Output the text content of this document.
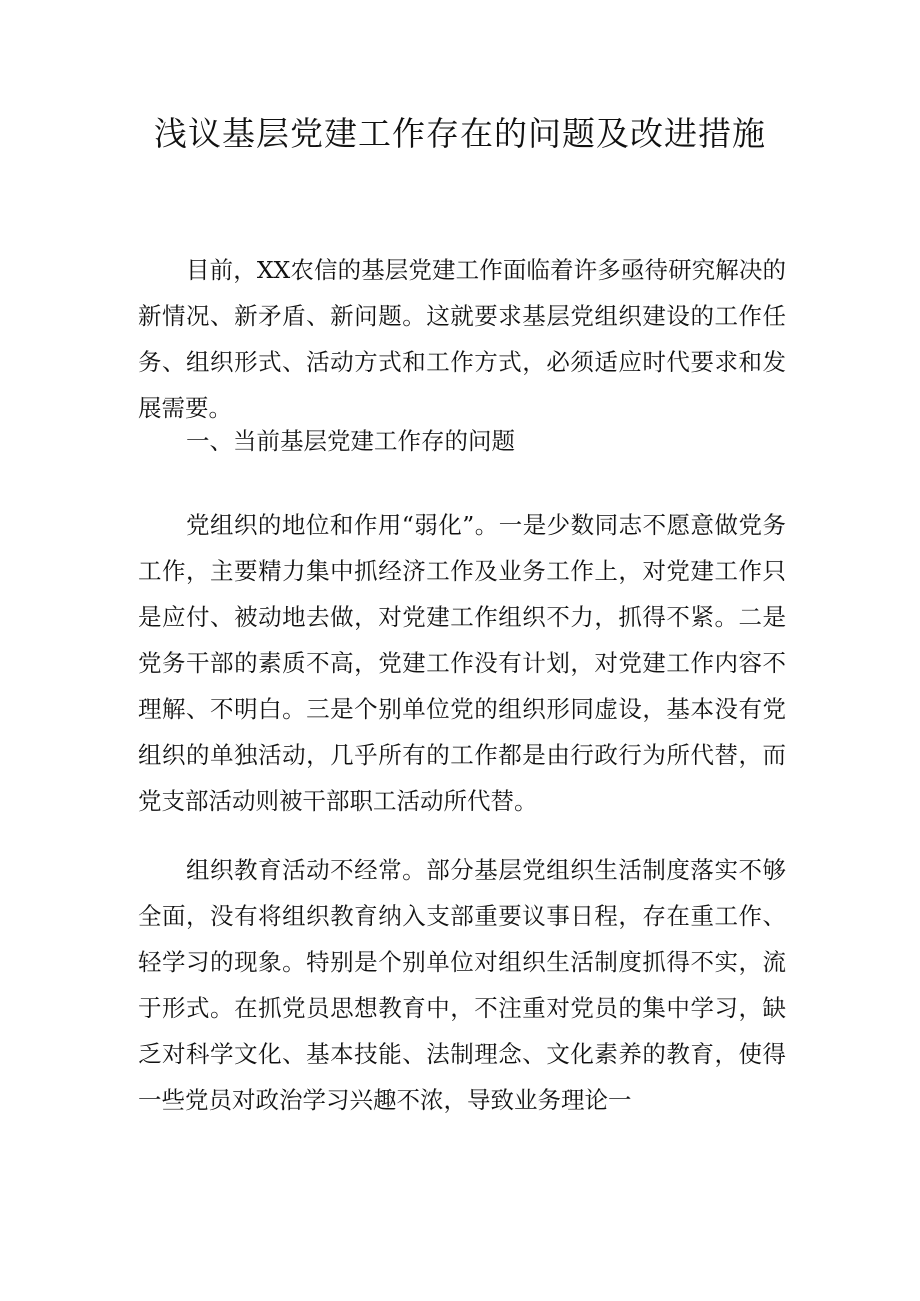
浅议基层党建工作存在的问题及改进措施

目前，XX农信的基层党建工作面临着许多亟待研究解决的新情况、新矛盾、新问题。这就要求基层党组织建设的工作任务、组织形式、活动方式和工作方式，必须适应时代要求和发展需要。

一、当前基层党建工作存的问题

党组织的地位和作用“弱化”。一是少数同志不愿意做党务工作，主要精力集中抓经济工作及业务工作上，对党建工作只是应付、被动地去做，对党建工作组织不力，抓得不紧。二是党务干部的素质不高，党建工作没有计划，对党建工作内容不理解、不明白。三是个别单位党的组织形同虚设，基本没有党组织的单独活动，几乎所有的工作都是由行政行为所代替，而党支部活动则被干部职工活动所代替。

组织教育活动不经常。部分基层党组织生活制度落实不够全面，没有将组织教育纳入支部重要议事日程，存在重工作、轻学习的现象。特别是个别单位对组织生活制度抓得不实，流于形式。在抓党员思想教育中，不注重对党员的集中学习，缺乏对科学文化、基本技能、法制理念、文化素养的教育，使得一些党员对政治学习兴趣不浓，导致业务理论一
